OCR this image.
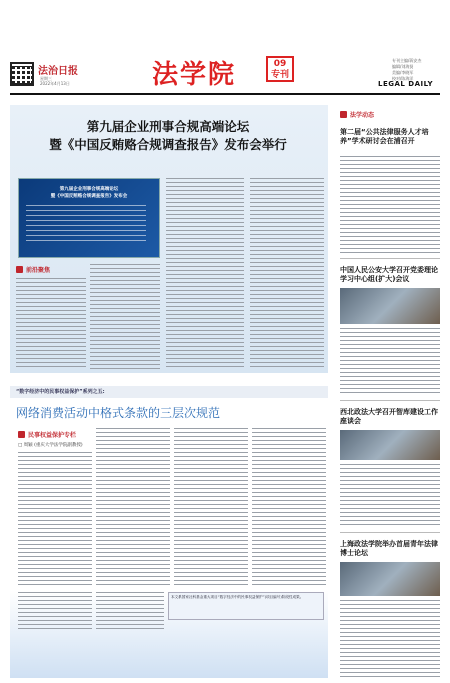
法治日报
星期三
2022年4月13日	法学院	09
专刊
专刊主编/蒋安杰
编辑/刘海贤
美编/李晓军
校对/陈海洋
LEGAL DAILY
第九届企业刑事合规高端论坛
暨《中国反贿赂合规调查报告》发布会举行
第九届企业刑事合规高端论坛
暨《中国反贿赂合规调查报告》发布会
前沿聚焦
法学动态
第二届“公共法律服务人才培养”学术研讨会在浦召开
中国人民公安大学召开党委理论学习中心组(扩大)会议
西北政法大学召开智库建设工作座谈会
上海政法学院举办首届青年法律博士论坛
“数字经济中的民事权益保护”系列之五:
网络消费活动中格式条款的三层次规范
民事权益保护专栏
□ 周颖 (重庆大学法学院副教授)
本文系国家社科基金重大项目“数字经济中的民事权益保护”(项目编号)阶段性成果。
